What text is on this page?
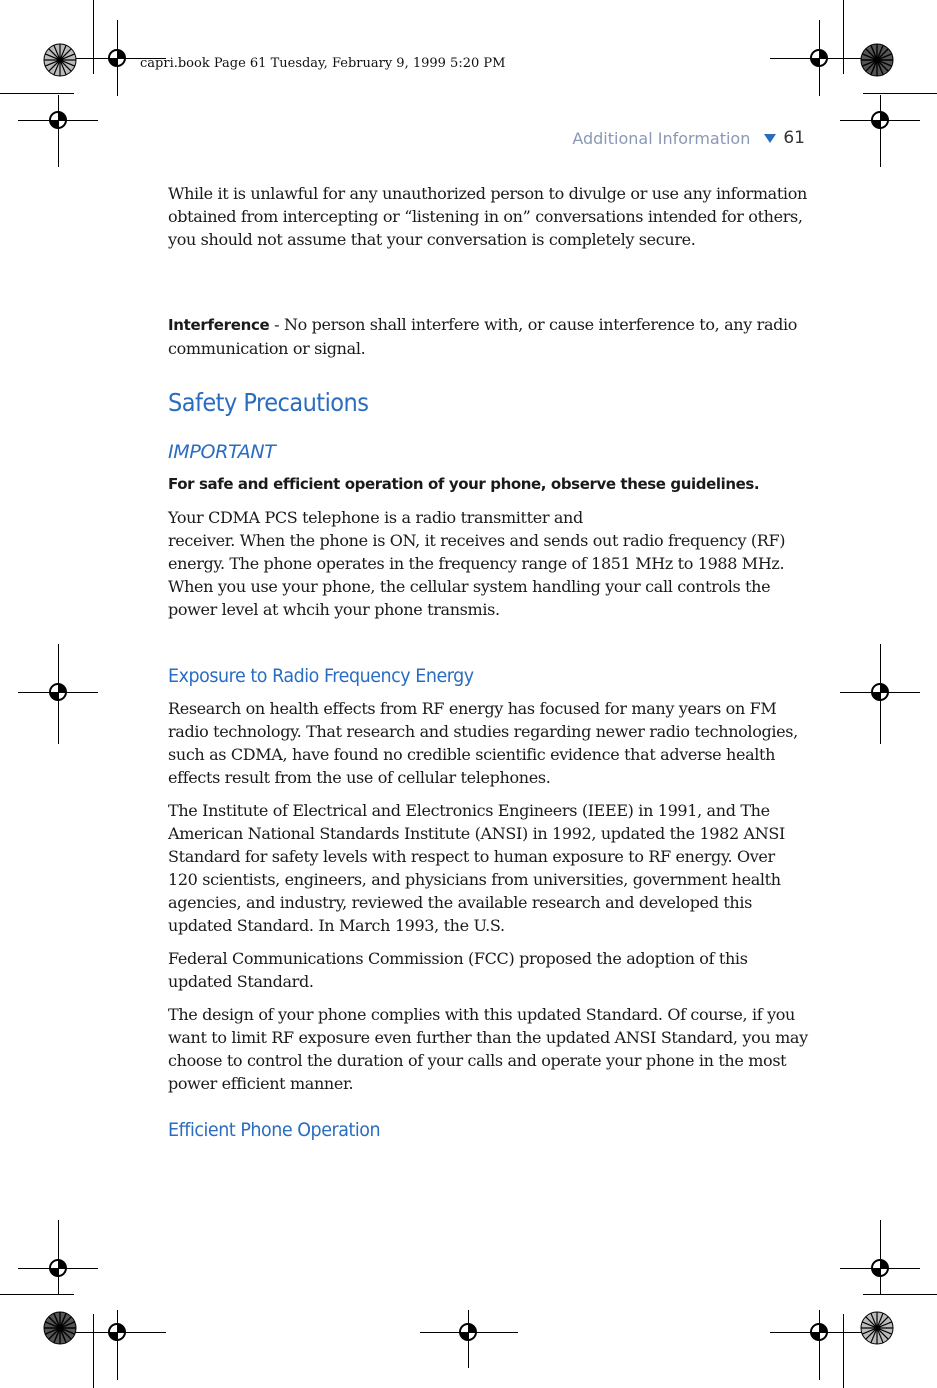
capri.book Page 61 Tuesday, February 9, 1999 5:20 PM
Additional Information 61

While it is unlawful for any unauthorized person to divulge or use any information obtained from intercepting or “listening in on” conversations intended for others, you should not assume that your conversation is completely secure.

Interference - No person shall interfere with, or cause interference to, any radio communication or signal.

Safety Precautions
IMPORTANT
For safe and efficient operation of your phone, observe these guidelines.

Your CDMA PCS telephone is a radio transmitter and
receiver. When the phone is ON, it receives and sends out radio frequency (RF) energy. The phone operates in the frequency range of 1851 MHz to 1988 MHz. When you use your phone, the cellular system handling your call controls the power level at whcih your phone transmis.

Exposure to Radio Frequency Energy

Research on health effects from RF energy has focused for many years on FM radio technology. That research and studies regarding newer radio technologies, such as CDMA, have found no credible scientific evidence that adverse health effects result from the use of cellular telephones.

The Institute of Electrical and Electronics Engineers (IEEE) in 1991, and The American National Standards Institute (ANSI) in 1992, updated the 1982 ANSI Standard for safety levels with respect to human exposure to RF energy. Over 120 scientists, engineers, and physicians from universities, government health agencies, and industry, reviewed the available research and developed this updated Standard. In March 1993, the U.S.

Federal Communications Commission (FCC) proposed the adoption of this updated Standard.

The design of your phone complies with this updated Standard. Of course, if you want to limit RF exposure even further than the updated ANSI Standard, you may choose to control the duration of your calls and operate your phone in the most power efficient manner.

Efficient Phone Operation
